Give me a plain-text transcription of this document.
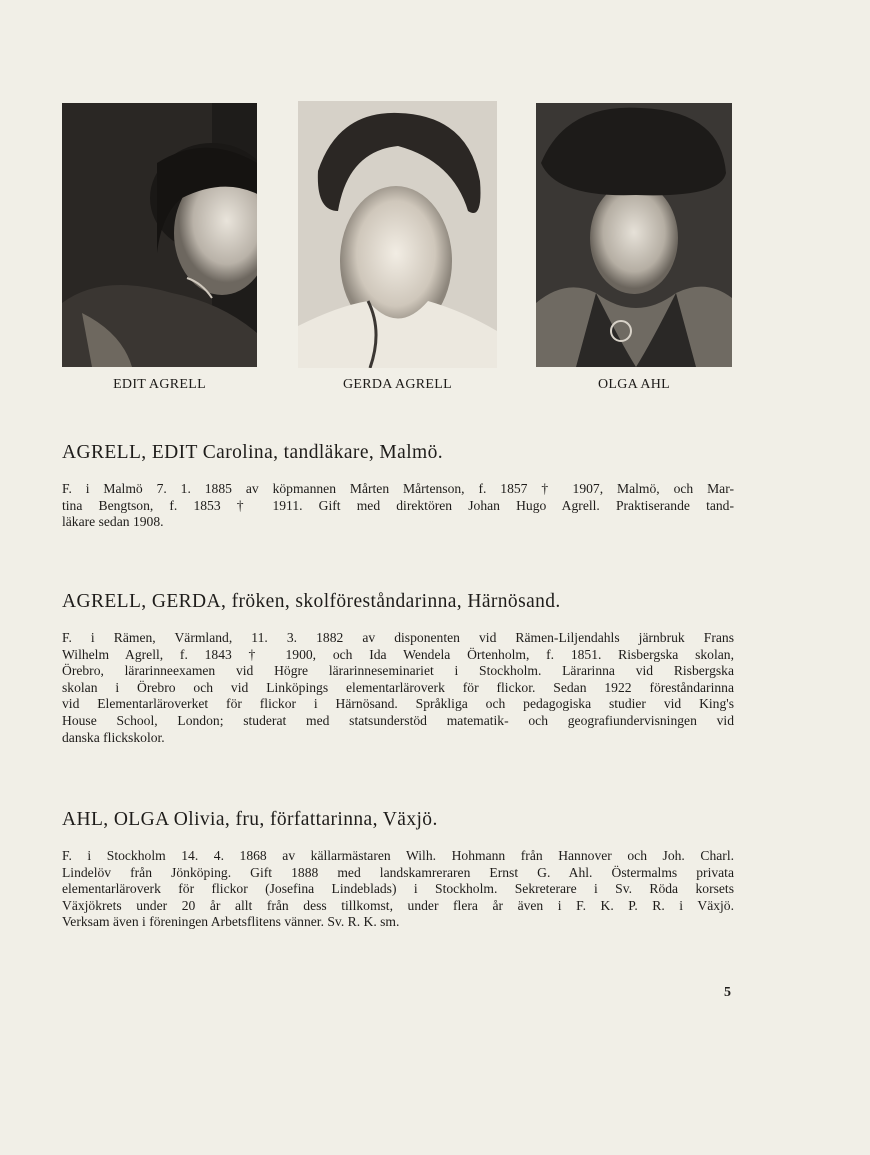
EDIT AGRELL	GERDA AGRELL	OLGA AHL
AGRELL, EDIT Carolina, tandläkare, Malmö.
F. i Malmö 7. 1. 1885 av köpmannen Mårten Mårtenson, f. 1857 † 1907, Malmö, och Mar-
tina Bengtson, f. 1853 † 1911. Gift med direktören Johan Hugo Agrell. Praktiserande tand-
läkare sedan 1908.
AGRELL, GERDA, fröken, skolföreståndarinna, Härnösand.
F. i Rämen, Värmland, 11. 3. 1882 av disponenten vid Rämen-Liljendahls järnbruk Frans
Wilhelm Agrell, f. 1843 † 1900, och Ida Wendela Örtenholm, f. 1851. Risbergska skolan,
Örebro, lärarinneexamen vid Högre lärarinneseminariet i Stockholm. Lärarinna vid Risbergska
skolan i Örebro och vid Linköpings elementarläroverk för flickor. Sedan 1922 föreståndarinna
vid Elementarläroverket för flickor i Härnösand. Språkliga och pedagogiska studier vid King's
House School, London; studerat med statsunderstöd matematik- och geografiundervisningen vid
danska flickskolor.
AHL, OLGA Olivia, fru, författarinna, Växjö.
F. i Stockholm 14. 4. 1868 av källarmästaren Wilh. Hohmann från Hannover och Joh. Charl.
Lindelöv från Jönköping. Gift 1888 med landskamreraren Ernst G. Ahl. Östermalms privata
elementarläroverk för flickor (Josefina Lindeblads) i Stockholm. Sekreterare i Sv. Röda korsets
Växjökrets under 20 år allt från dess tillkomst, under flera år även i F. K. P. R. i Växjö.
Verksam även i föreningen Arbetsflitens vänner. Sv. R. K. sm.
5
